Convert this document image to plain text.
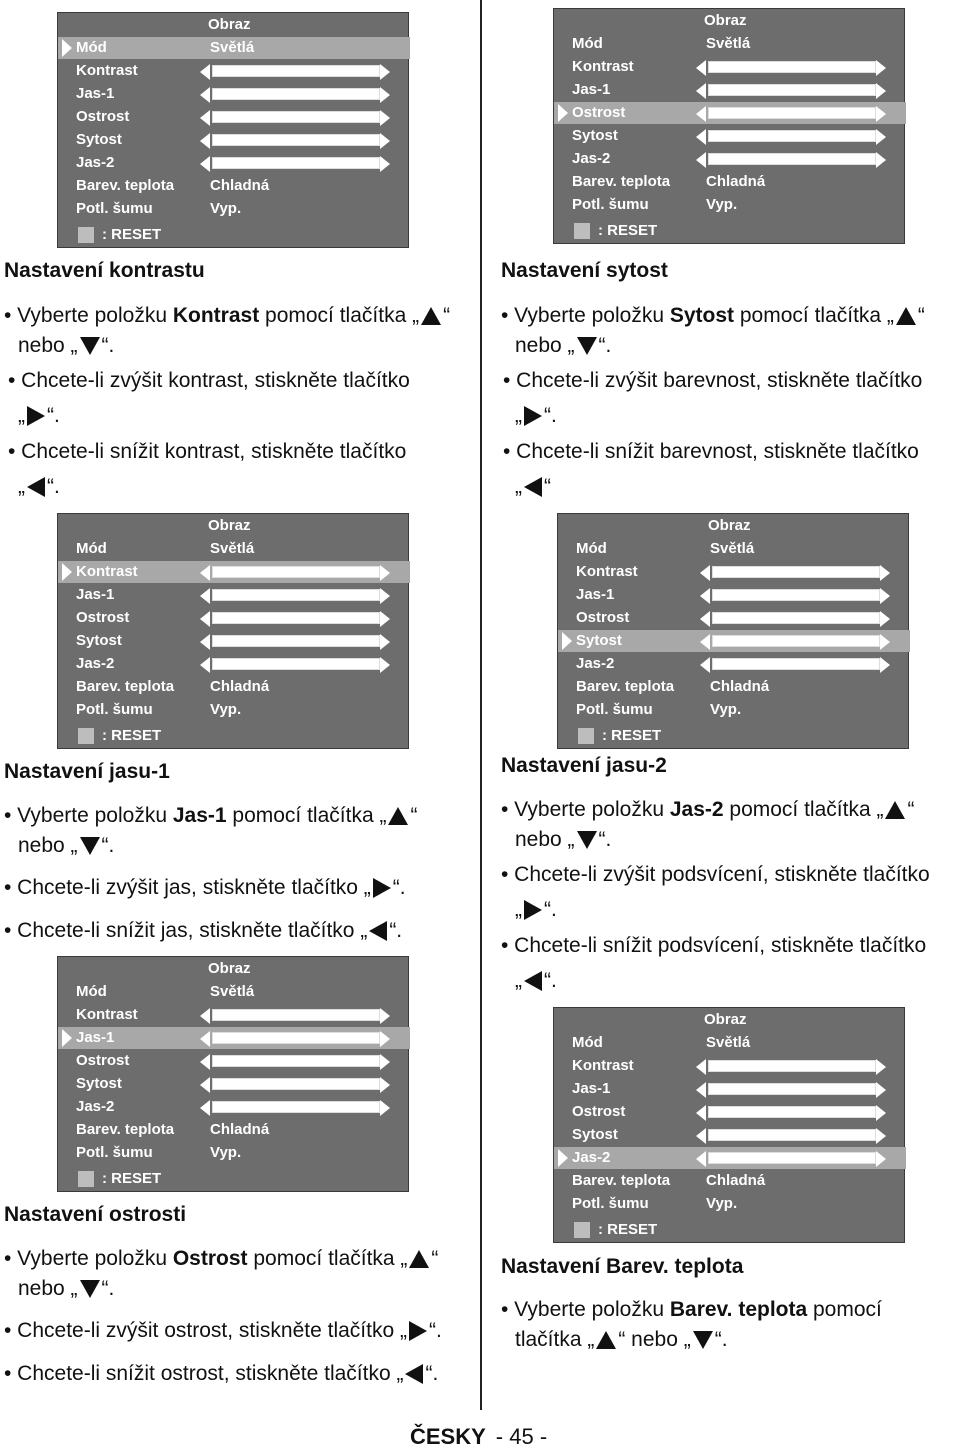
Obraz
Mód	Světlá
Kontrast
Jas-1
Ostrost
Sytost
Jas-2
Barev. teplota Chladná
Potl. šumu	Vyp.
: RESET
Obraz
Mód	Světlá
Kontrast
Jas-1
Ostrost
Sytost
Jas-2
Barev. teplota Chladná
Potl. šumu	Vyp.
: RESET
Obraz
Mód	Světlá
Kontrast
Jas-1
Ostrost
Sytost
Jas-2
Barev. teplota Chladná
Potl. šumu	Vyp.
: RESET
Obraz
Mód	Světlá
Kontrast
Jas-1
Ostrost
Sytost
Jas-2
Barev. teplota Chladná
Potl. šumu	Vyp.
: RESET
Obraz
Mód	Světlá
Kontrast
Jas-1
Ostrost
Sytost
Jas-2
Barev. teplota Chladná
Potl. šumu	Vyp.
: RESET
Obraz
Mód	Světlá
Kontrast
Jas-1
Ostrost
Sytost
Jas-2
Barev. teplota Chladná
Potl. šumu	Vyp.
: RESET
Nastavení kontrastu
• Vyberte položku Kontrast pomocí tlačítka „ “
nebo „ “.
• Chcete-li zvýšit kontrast, stiskněte tlačítko
„ “.
• Chcete-li snížit kontrast, stiskněte tlačítko
„ “.
Nastavení sytost
• Vyberte položku Sytost pomocí tlačítka „ “
nebo „ “.
• Chcete-li zvýšit barevnost, stiskněte tlačítko
„ “.
• Chcete-li snížit barevnost, stiskněte tlačítko
„ “
Nastavení jasu-1
• Vyberte položku Jas-1 pomocí tlačítka „ “
nebo „ “.
• Chcete-li zvýšit jas, stiskněte tlačítko „ “.
• Chcete-li snížit jas, stiskněte tlačítko „ “.
Nastavení jasu-2
• Vyberte položku Jas-2 pomocí tlačítka „ “
nebo „ “.
• Chcete-li zvýšit podsvícení, stiskněte tlačítko
„ “.
• Chcete-li snížit podsvícení, stiskněte tlačítko
„ “.
Nastavení ostrosti
• Vyberte položku Ostrost pomocí tlačítka „ “
nebo „ “.
• Chcete-li zvýšit ostrost, stiskněte tlačítko „ “.
• Chcete-li snížit ostrost, stiskněte tlačítko „ “.
Nastavení Barev. teplota
• Vyberte položku Barev. teplota pomocí
tlačítka „ “ nebo „ “.
ČESKY - 45 -
